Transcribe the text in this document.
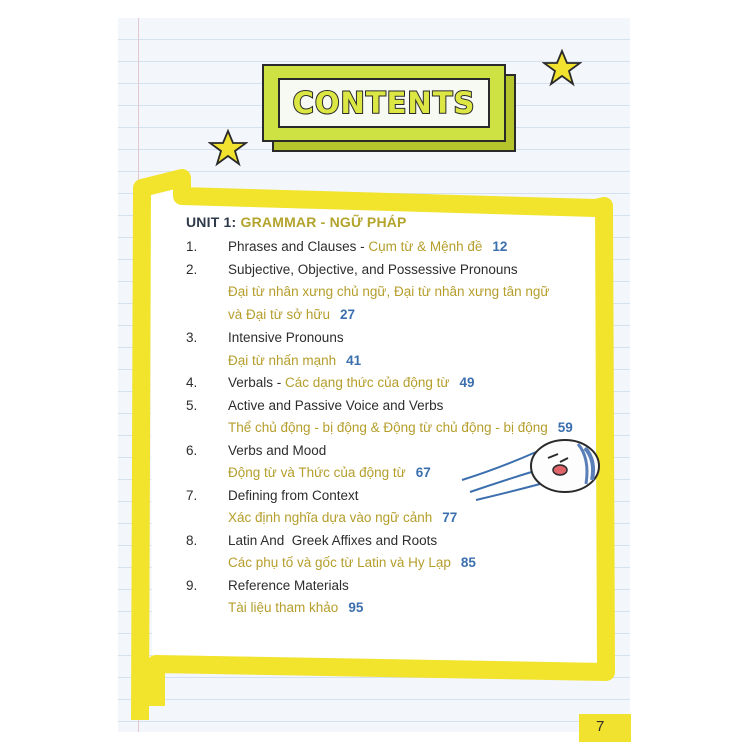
CONTENTS
UNIT 1: GRAMMAR - NGỮ PHÁP
1.	Phrases and Clauses - Cụm từ & Mệnh đề 12
2.	Subjective, Objective, and Possessive Pronouns
Đại từ nhân xưng chủ ngữ, Đại từ nhân xưng tân ngữ
và Đại từ sở hữu 27
3.	Intensive Pronouns
Đại từ nhấn mạnh 41
4.	Verbals - Các dạng thức của động từ 49
5.	Active and Passive Voice and Verbs
Thể chủ động - bị động & Động từ chủ động - bị động 59
6.	Verbs and Mood
Động từ và Thức của động từ 67
7.	Defining from Context
Xác định nghĩa dựa vào ngữ cảnh 77
8.	Latin And  Greek Affixes and Roots
Các phụ tố và gốc từ Latin và Hy Lạp 85
9.	Reference Materials
Tài liệu tham khảo 95
7
